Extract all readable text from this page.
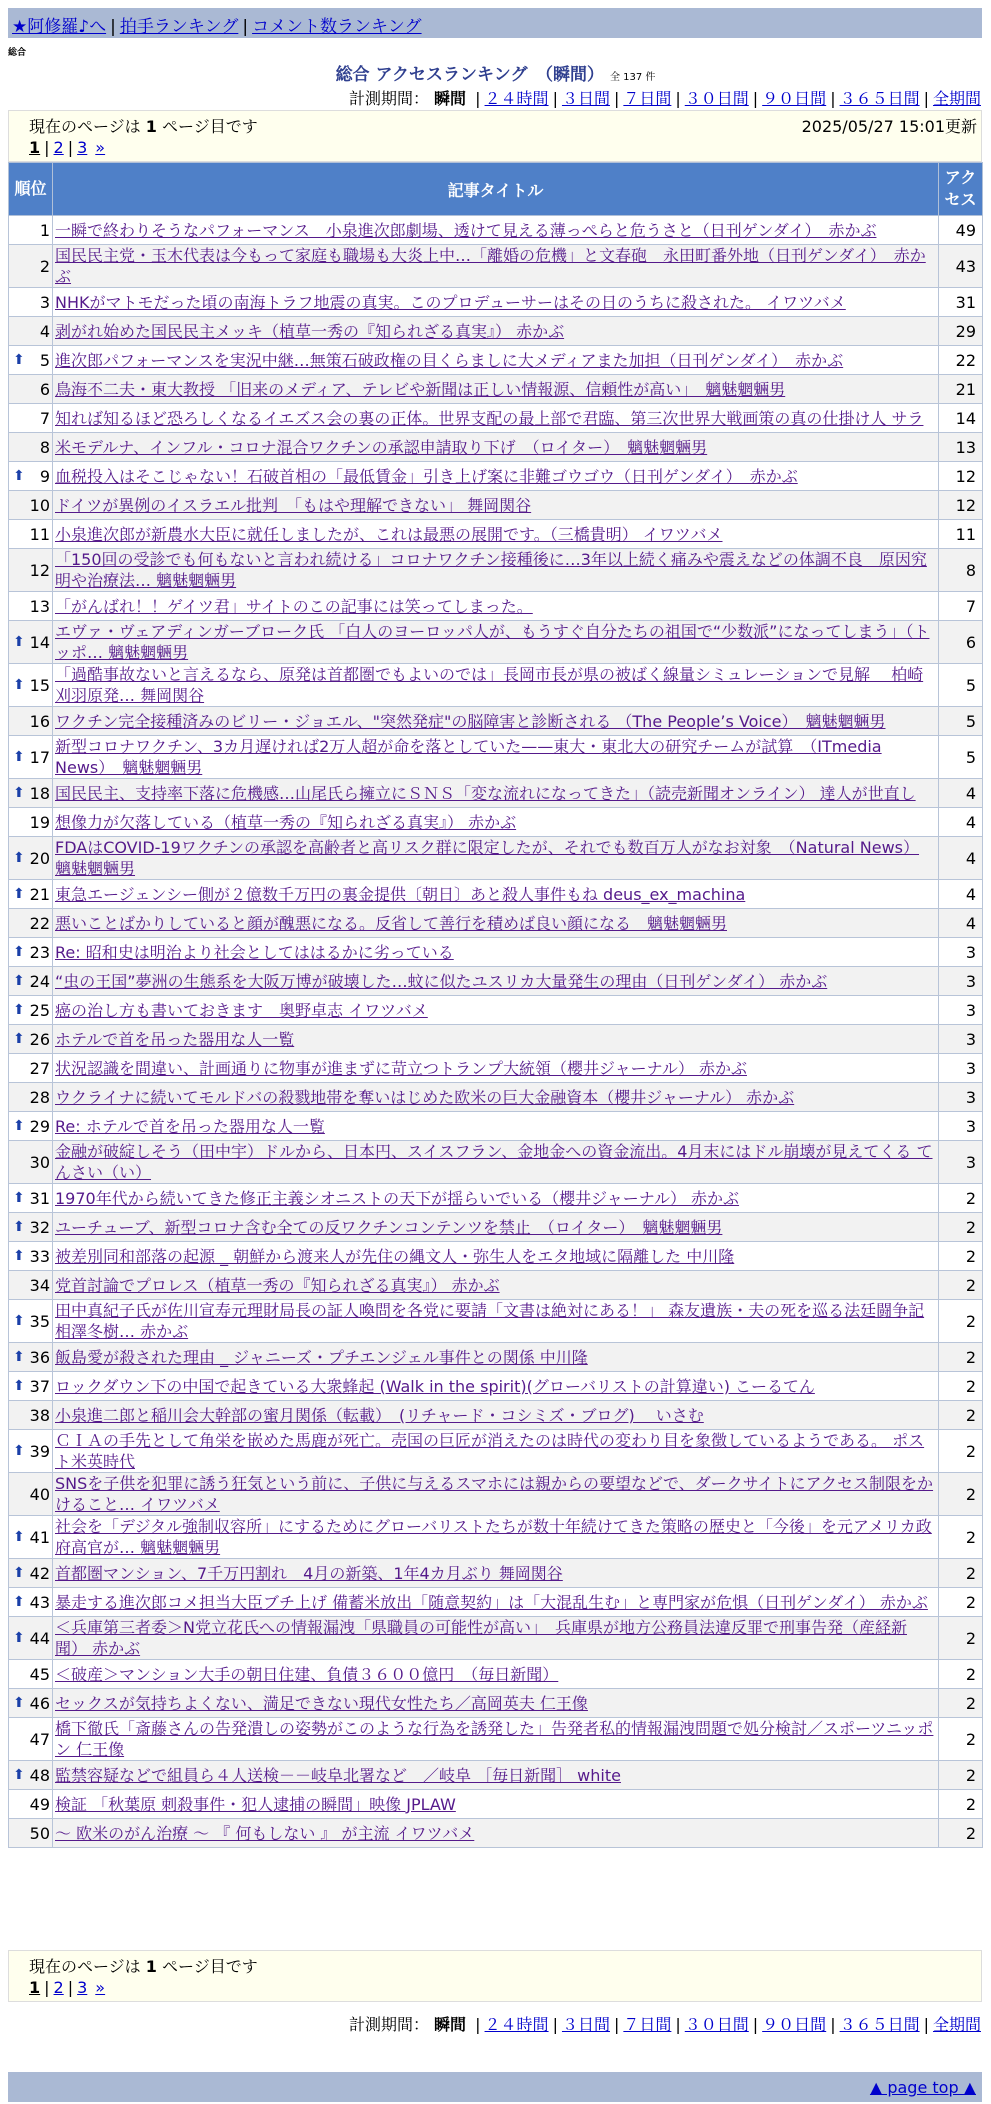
★阿修羅♪へ | 拍手ランキング | コメント数ランキング
総合
総合 アクセスランキング　（瞬間） 全 137 件
計測期間： 瞬間 | ２４時間 | ３日間 | ７日間 | ３０日間 | ９０日間 | ３６５日間 | 全期間
現在のページは 1 ページ目です	2025/05/27 15:01更新
1 | 2 | 3 »
順位	記事タイトル	アクセス
1	一瞬で終わりそうなパフォーマンス　小泉進次郎劇場、透けて見える薄っぺらと危うさと（日刊ゲンダイ）　赤かぶ	49
2	国民民主党・玉木代表は今もって家庭も職場も大炎上中…「離婚の危機」と文春砲　永田町番外地（日刊ゲンダイ）　赤かぶ	43
3	NHKがマトモだった頃の南海トラフ地震の真実。このプロデューサーはその日のうちに殺された。 イワツバメ	31
4	剥がれ始めた国民民主メッキ（植草一秀の『知られざる真実』） 赤かぶ	29

⬆ 5	進次郎パフォーマンスを実況中継…無策石破政権の目くらましに大メディアまた加担（日刊ゲンダイ）　赤かぶ	22
6	鳥海不二夫・東大教授 「旧来のメディア、テレビや新聞は正しい情報源、信頼性が高い」　魑魅魍魎男	21
7	知れば知るほど恐ろしくなるイエズス会の裏の正体。世界支配の最上部で君臨、第三次世界大戦画策の真の仕掛け人 サラ	14
8	米モデルナ、インフル・コロナ混合ワクチンの承認申請取り下げ　（ロイター）　魑魅魍魎男	13

⬆ 9	血税投入はそこじゃない！石破首相の「最低賃金」引き上げ案に非難ゴウゴウ（日刊ゲンダイ）　赤かぶ	12
10	ドイツが異例のイスラエル批判　「もはや理解できない」 舞岡関谷	12
11	小泉進次郎が新農水大臣に就任しましたが、これは最悪の展開です。（三橋貴明） イワツバメ	11
12	「150回の受診でも何もないと言われ続ける」コロナワクチン接種後に…3年以上続く痛みや震えなどの体調不良　原因究明や治療法… 魑魅魍魎男	8
13	「がんばれ！！ゲイツ君」サイトのこの記事には笑ってしまった。	7

⬆ 14	エヴァ・ヴェアディンガーブローク氏 「白人のヨーロッパ人が、もうすぐ自分たちの祖国で“少数派”になってしまう」（トッポ… 魑魅魍魎男	6

⬆ 15	「過酷事故ないと言えるなら、原発は首都圏でもよいのでは」長岡市長が県の被ばく線量シミュレーションで見解　 柏崎刈羽原発… 舞岡関谷	5
16	ワクチン完全接種済みのビリー・ジョエル、"突然発症"の脳障害と診断される （The People’s Voice）　魑魅魍魎男	5

⬆ 17	新型コロナワクチン、3カ月遅ければ2万人超が命を落としていた——東大・東北大の研究チームが試算　（ITmedia News）　魑魅魍魎男	5

⬆ 18	国民民主、支持率下落に危機感…山尾氏ら擁立にＳＮＳ「変な流れになってきた」（読売新聞オンライン） 達人が世直し	4
19	想像力が欠落している（植草一秀の『知られざる真実』） 赤かぶ	4

⬆ 20	FDAはCOVID-19ワクチンの承認を高齢者と高リスク群に限定したが、それでも数百万人がなお対象　（Natural News） 魑魅魍魎男	4

⬆ 21	東急エージェンシー側が２億数千万円の裏金提供〔朝日〕あと殺人事件もね deus_ex_machina	4
22	悪いことばかりしていると顔が醜悪になる。反省して善行を積めば良い顔になる　魑魅魍魎男	4

⬆ 23	Re: 昭和史は明治より社会としてははるかに劣っている	3

⬆ 24	“虫の王国”夢洲の生態系を大阪万博が破壊した…蚊に似たユスリカ大量発生の理由（日刊ゲンダイ） 赤かぶ	3

⬆ 25	癌の治し方も書いておきます　奥野卓志 イワツバメ	3

⬆ 26	ホテルで首を吊った器用な人一覧	3
27	状況認識を間違い、計画通りに物事が進まずに苛立つトランプ大統領（櫻井ジャーナル） 赤かぶ	3
28	ウクライナに続いてモルドバの殺戮地帯を奪いはじめた欧米の巨大金融資本（櫻井ジャーナル） 赤かぶ	3

⬆ 29	Re: ホテルで首を吊った器用な人一覧	3
30	金融が破綻しそう（田中宇）ドルから、日本円、スイスフラン、金地金への資金流出。4月末にはドル崩壊が見えてくる てんさい（い）	3

⬆ 31	1970年代から続いてきた修正主義シオニストの天下が揺らいでいる（櫻井ジャーナル） 赤かぶ	2

⬆ 32	ユーチューブ、新型コロナ含む全ての反ワクチンコンテンツを禁止　（ロイター）　魑魅魍魎男	2

⬆ 33	被差別同和部落の起源 _ 朝鮮から渡来人が先住の縄文人・弥生人をエタ地域に隔離した 中川隆	2
34	党首討論でプロレス（植草一秀の『知られざる真実』） 赤かぶ	2

⬆ 35	田中真紀子氏が佐川宣寿元理財局長の証人喚問を各党に要請「文書は絶対にある！」 森友遺族・夫の死を巡る法廷闘争記 相澤冬樹… 赤かぶ	2

⬆ 36	飯島愛が殺された理由 _ ジャニーズ・プチエンジェル事件との関係 中川隆	2

⬆ 37	ロックダウン下の中国で起きている大衆蜂起 (Walk in the spirit)(グローバリストの計算違い) こーるてん	2
38	小泉進二郎と稲川会大幹部の蜜月関係（転載）　(リチャード・コシミズ・ブログ)　 いさむ	2

⬆ 39	ＣＩＡの手先として角栄を嵌めた馬鹿が死亡。売国の巨匠が消えたのは時代の変わり目を象徴しているようである。 ポスト米英時代	2
40	SNSを子供を犯罪に誘う狂気という前に、子供に与えるスマホには親からの要望などで、ダークサイトにアクセス制限をかけること… イワツバメ	2

⬆ 41	社会を「デジタル強制収容所」にするためにグローバリストたちが数十年続けてきた策略の歴史と「今後」を元アメリカ政府高官が… 魑魅魍魎男	2

⬆ 42	首都圏マンション、7千万円割れ　4月の新築、1年4カ月ぶり 舞岡関谷	2

⬆ 43	暴走する進次郎コメ担当大臣ブチ上げ 備蓄米放出「随意契約」は「大混乱生む」と専門家が危惧（日刊ゲンダイ） 赤かぶ	2

⬆ 44	＜兵庫第三者委＞N党立花氏への情報漏洩「県職員の可能性が高い」　兵庫県が地方公務員法違反罪で刑事告発（産経新聞） 赤かぶ	2
45	＜破産＞マンション大手の朝日住建、負債３６００億円　（毎日新聞）	2

⬆ 46	セックスが気持ちよくない、満足できない現代女性たち／高岡英夫 仁王像	2
47	橋下徹氏「斎藤さんの告発潰しの姿勢がこのような行為を誘発した」告発者私的情報漏洩問題で処分検討／スポーツニッポン 仁王像	2

⬆ 48	監禁容疑などで組員ら４人送検－－岐阜北署など　／岐阜 ［毎日新聞］ white	2
49	検証 「秋葉原 刺殺事件・犯人逮捕の瞬間」映像 JPLAW	2
50	～ 欧米のがん治療 ～ 『 何もしない 』 が主流 イワツバメ	2
現在のページは 1 ページ目です
1 | 2 | 3 »
計測期間： 瞬間 | ２４時間 | ３日間 | ７日間 | ３０日間 | ９０日間 | ３６５日間 | 全期間
▲ page top ▲
